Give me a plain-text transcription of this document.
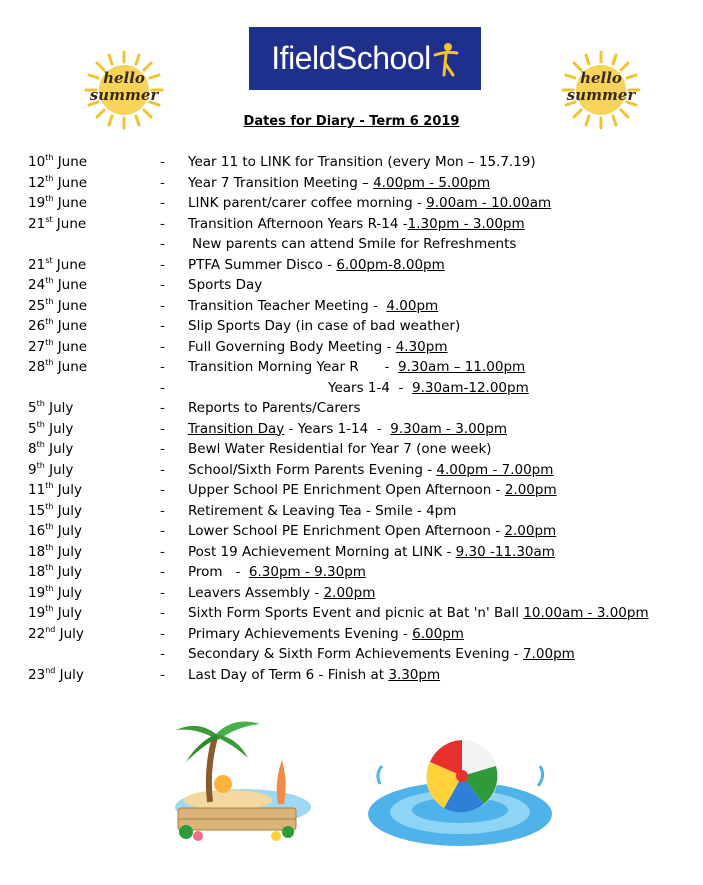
IfieldSchool
hello summer
hello summer
Dates for Diary - Term 6 2019
10th June	- Year 11 to LINK for Transition (every Mon – 15.7.19)
12th June	- Year 7 Transition Meeting – 4.00pm - 5.00pm
19th June	- LINK parent/carer coffee morning - 9.00am - 10.00am
21st June	- Transition Afternoon Years R-14 -1.30pm - 3.00pm
- New parents can attend Smile for Refreshments
21st June	- PTFA Summer Disco - 6.00pm-8.00pm
24th June	- Sports Day
25th June	- Transition Teacher Meeting -  4.00pm
26th June	- Slip Sports Day (in case of bad weather)
27th June	- Full Governing Body Meeting - 4.30pm
28th June	- Transition Morning Year R      -  9.30am – 11.00pm
-	Years 1-4  -  9.30am-12.00pm
5th July	- Reports to Parents/Carers
5th July	- Transition Day - Years 1-14  -  9.30am - 3.00pm
8th July	- Bewl Water Residential for Year 7 (one week)
9th July	- School/Sixth Form Parents Evening - 4.00pm - 7.00pm
11th July	- Upper School PE Enrichment Open Afternoon - 2.00pm
15th July	- Retirement & Leaving Tea - Smile - 4pm
16th July	- Lower School PE Enrichment Open Afternoon - 2.00pm
18th July	- Post 19 Achievement Morning at LINK - 9.30 -11.30am
18th July	- Prom   -  6.30pm - 9.30pm
19th July	- Leavers Assembly - 2.00pm
19th July	- Sixth Form Sports Event and picnic at Bat 'n' Ball 10.00am - 3.00pm
22nd July	- Primary Achievements Evening - 6.00pm
- Secondary & Sixth Form Achievements Evening - 7.00pm
23nd July	- Last Day of Term 6 - Finish at 3.30pm
